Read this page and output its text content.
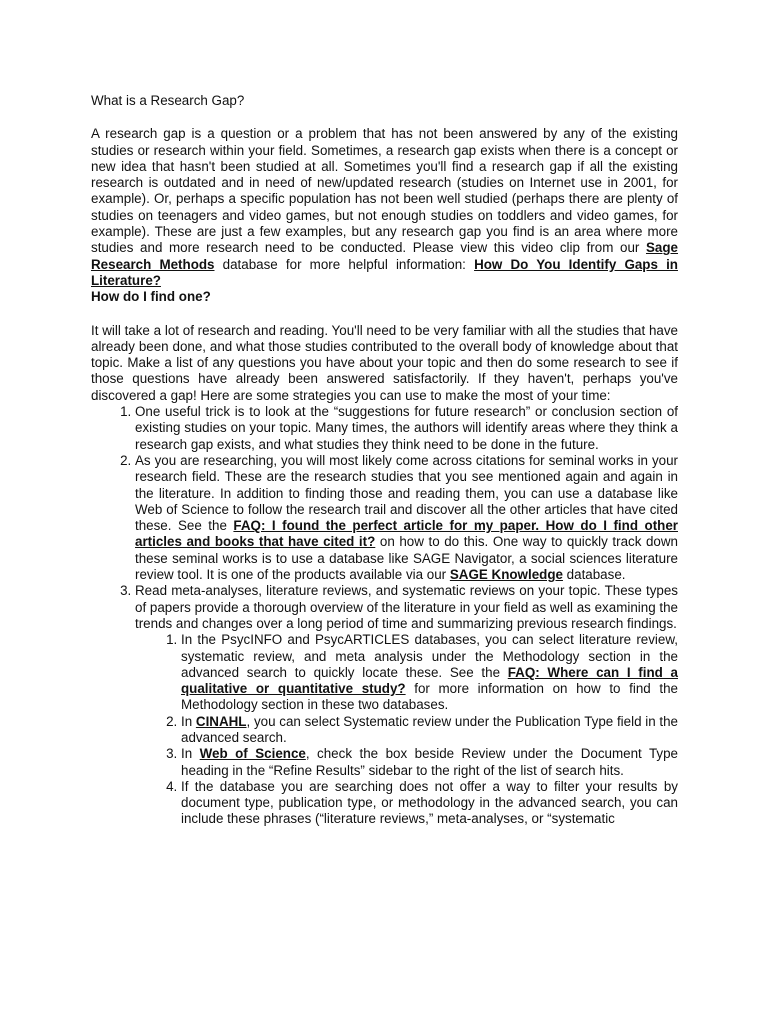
What is a Research Gap?

A research gap is a question or a problem that has not been answered by any of the existing studies or research within your field. Sometimes, a research gap exists when there is a concept or new idea that hasn't been studied at all. Sometimes you'll find a research gap if all the existing research is outdated and in need of new/updated research (studies on Internet use in 2001, for example). Or, perhaps a specific population has not been well studied (perhaps there are plenty of studies on teenagers and video games, but not enough studies on toddlers and video games, for example). These are just a few examples, but any research gap you find is an area where more studies and more research need to be conducted. Please view this video clip from our Sage Research Methods database for more helpful information: How Do You Identify Gaps in Literature?

How do I find one?

It will take a lot of research and reading. You'll need to be very familiar with all the studies that have already been done, and what those studies contributed to the overall body of knowledge about that topic. Make a list of any questions you have about your topic and then do some research to see if those questions have already been answered satisfactorily. If they haven't, perhaps you've discovered a gap! Here are some strategies you can use to make the most of your time:

1. One useful trick is to look at the “suggestions for future research” or conclusion section of existing studies on your topic. Many times, the authors will identify areas where they think a research gap exists, and what studies they think need to be done in the future.
2. As you are researching, you will most likely come across citations for seminal works in your research field. These are the research studies that you see mentioned again and again in the literature. In addition to finding those and reading them, you can use a database like Web of Science to follow the research trail and discover all the other articles that have cited these. See the FAQ: I found the perfect article for my paper. How do I find other articles and books that have cited it? on how to do this. One way to quickly track down these seminal works is to use a database like SAGE Navigator, a social sciences literature review tool. It is one of the products available via our SAGE Knowledge database.
3. Read meta-analyses, literature reviews, and systematic reviews on your topic. These types of papers provide a thorough overview of the literature in your field as well as examining the trends and changes over a long period of time and summarizing previous research findings.
1. In the PsycINFO and PsycARTICLES databases, you can select literature review, systematic review, and meta analysis under the Methodology section in the advanced search to quickly locate these. See the FAQ: Where can I find a qualitative or quantitative study? for more information on how to find the Methodology section in these two databases.
2. In CINAHL, you can select Systematic review under the Publication Type field in the advanced search.
3. In Web of Science, check the box beside Review under the Document Type heading in the “Refine Results” sidebar to the right of the list of search hits.
4. If the database you are searching does not offer a way to filter your results by document type, publication type, or methodology in the advanced search, you can include these phrases (“literature reviews,” meta-analyses, or “systematic
